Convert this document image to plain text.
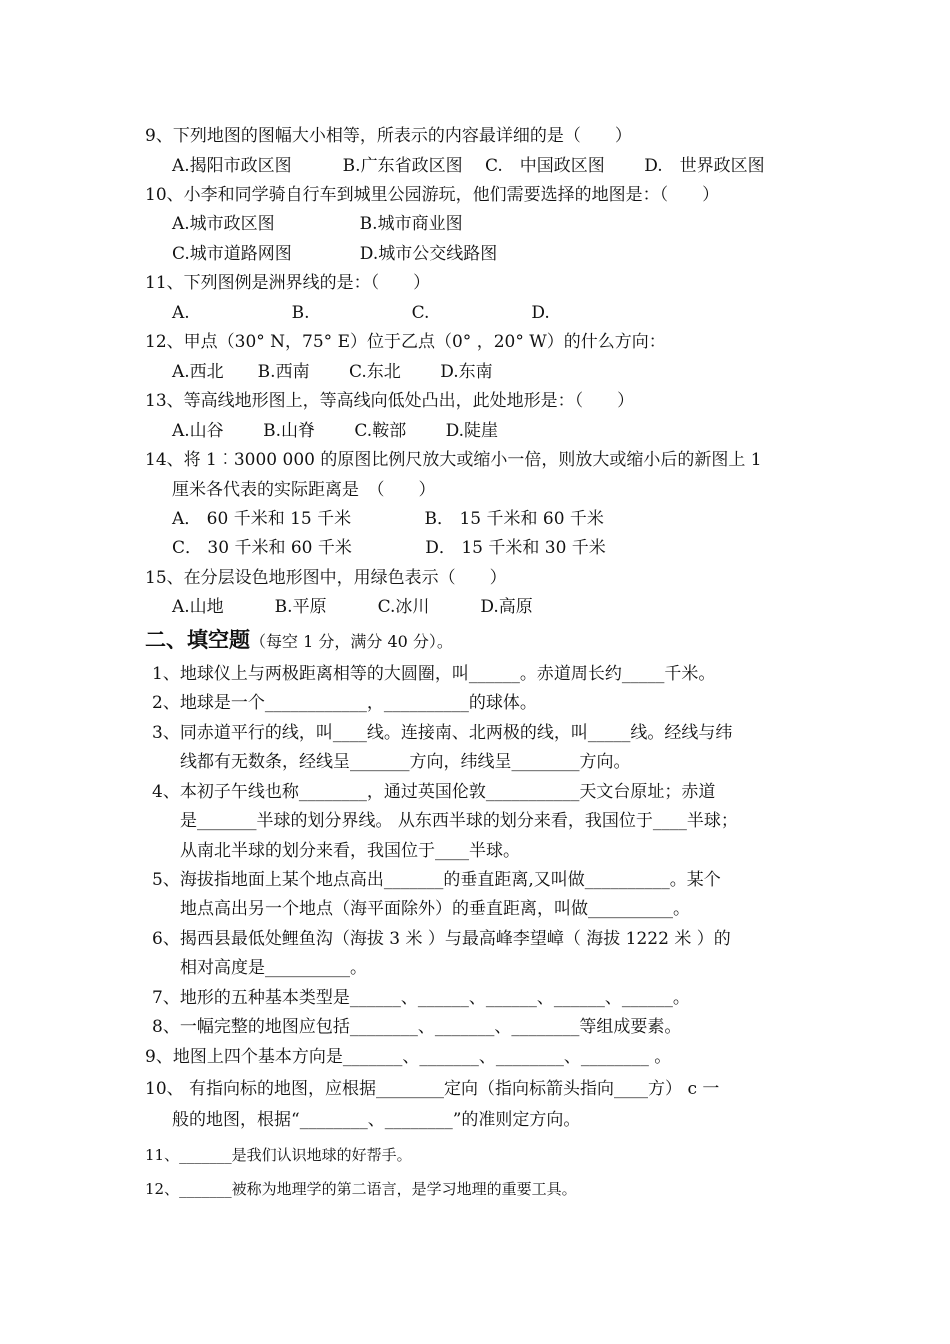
9、下列地图的图幅大小相等，所表示的内容最详细的是（　　）
A.揭阳市政区图　　　B.广东省政区图　 C.　中国政区图　　 D.　世界政区图
10、小李和同学骑自行车到城里公园游玩，他们需要选择的地图是：（　　）
A.城市政区图　　　　　B.城市商业图
C.城市道路网图　　　　D.城市公交线路图
11、下列图例是洲界线的是：（　　）
A.　　　　　　B.　　　　　　C.　　　　　　D.
12、甲点（30° N，75° E）位于乙点（0° ，20° W）的什么方向：
A.西北　　B.西南　　 C.东北　　 D.东南
13、等高线地形图上，等高线向低处凸出，此处地形是：（　　）
A.山谷　　 B.山脊　　 C.鞍部　　 D.陡崖
14、将 1︰3000 000 的原图比例尺放大或缩小一倍，则放大或缩小后的新图上 1
厘米各代表的实际距离是　（　　）
A． 60 千米和 15 千米　　　　 B． 15 千米和 60 千米
C． 30 千米和 60 千米　　　　 D． 15 千米和 30 千米
15、在分层设色地形图中，用绿色表示（　　）
A.山地　　　B.平原　　　C.冰川　　　D.高原
二、填空题（每空 1 分，满分 40 分）。
1、地球仪上与两极距离相等的大圆圈，叫______。赤道周长约_____千米。
2、地球是一个____________，__________的球体。
3、同赤道平行的线，叫____线。连接南、北两极的线，叫_____线。经线与纬
线都有无数条，经线呈_______方向，纬线呈________方向。
4、本初子午线也称________，通过英国伦敦___________天文台原址；赤道
是_______半球的划分界线。 从东西半球的划分来看，我国位于____半球；
从南北半球的划分来看，我国位于____半球。
5、海拔指地面上某个地点高出_______的垂直距离,又叫做__________。某个
地点高出另一个地点（海平面除外）的垂直距离，叫做__________。
6、揭西县最低处鲤鱼沟（海拔 3 米 ）与最高峰李望嶂（ 海拔 1222 米 ）的
相对高度是__________。
7、地形的五种基本类型是______、______、______、______、______。
8、一幅完整的地图应包括________、_______、________等组成要素。
9、地图上四个基本方向是_______、_______、________、________ 。
10、 有指向标的地图，应根据________定向（指向标箭头指向____方） c 一
般的地图，根据“________、________”的准则定方向。
11、_______是我们认识地球的好帮手。
12、_______被称为地理学的第二语言，是学习地理的重要工具。
